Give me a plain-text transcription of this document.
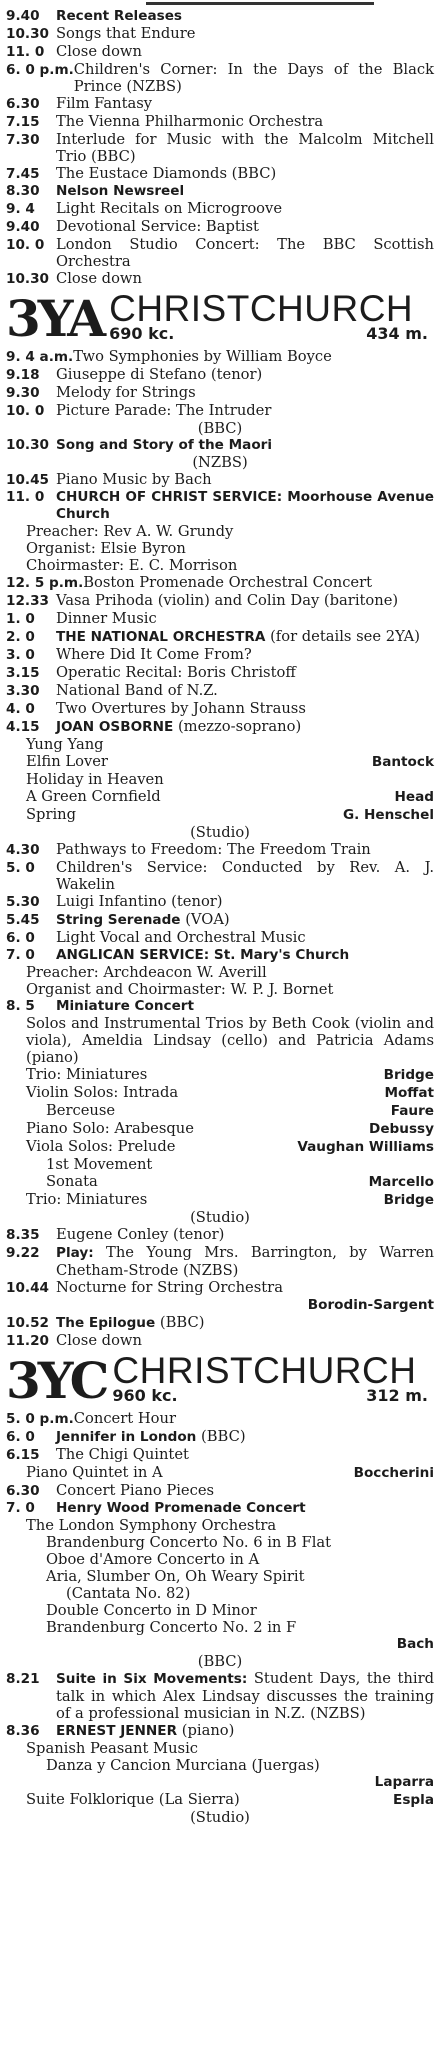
9.40	Recent Releases
10.30 Songs that Endure
11. 0 Close down
6. 0 p.m. Children's Corner: In the Days of the Black Prince (NZBS)
6.30	Film Fantasy
7.15	The Vienna Philharmonic Orchestra
7.30	Interlude for Music with the Malcolm Mitchell Trio (BBC)
7.45	The Eustace Diamonds (BBC)
8.30	Nelson Newsreel
9. 4	Light Recitals on Microgroove
9.40	Devotional Service: Baptist
10. 0 London Studio Concert: The BBC Scottish Orchestra
10.30 Close down
3YA CHRISTCHURCH
690 kc.	434 m.
9. 4 a.m. Two Symphonies by William Boyce
9.18	Giuseppe di Stefano (tenor)
9.30	Melody for Strings
10. 0 Picture Parade: The Intruder
(BBC)
10.30 Song and Story of the Maori
(NZBS)
10.45 Piano Music by Bach
11. 0 CHURCH OF CHRIST SERVICE: Moorhouse Avenue Church
Preacher: Rev A. W. Grundy
Organist: Elsie Byron
Choirmaster: E. C. Morrison
12. 5 p.m. Boston Promenade Orchestral Concert
12.33 Vasa Prihoda (violin) and Colin Day (baritone)
1. 0	Dinner Music
2. 0	THE NATIONAL ORCHESTRA (for details see 2YA)
3. 0	Where Did It Come From?
3.15	Operatic Recital: Boris Christoff
3.30	National Band of N.Z.
4. 0	Two Overtures by Johann Strauss
4.15	JOAN OSBORNE (mezzo-soprano)
Yung Yang
Elfin Lover	Bantock
Holiday in Heaven
A Green Cornfield	Head
Spring	G. Henschel
(Studio)
4.30	Pathways to Freedom: The Freedom Train
5. 0	Children's Service: Conducted by Rev. A. J. Wakelin
5.30	Luigi Infantino (tenor)
5.45	String Serenade (VOA)
6. 0	Light Vocal and Orchestral Music
7. 0	ANGLICAN SERVICE: St. Mary's Church
Preacher: Archdeacon W. Averill
Organist and Choirmaster: W. P. J. Bornet
8. 5	Miniature Concert
Solos and Instrumental Trios by Beth Cook (violin and viola), Ameldia Lindsay (cello) and Patricia Adams (piano)
Trio: Miniatures	Bridge
Violin Solos: Intrada	Moffat
Berceuse	Faure
Piano Solo: Arabesque	Debussy
Viola Solos: Prelude	Vaughan Williams
1st Movement
Sonata	Marcello
Trio: Miniatures	Bridge
(Studio)
8.35	Eugene Conley (tenor)
9.22	Play: The Young Mrs. Barrington, by Warren Chetham-Strode (NZBS)
10.44 Nocturne for String Orchestra
Borodin-Sargent
10.52 The Epilogue (BBC)
11.20 Close down
3YC CHRISTCHURCH
960 kc.	312 m.
5. 0 p.m. Concert Hour
6. 0	Jennifer in London (BBC)
6.15	The Chigi Quintet
Piano Quintet in A	Boccherini
6.30	Concert Piano Pieces
7. 0	Henry Wood Promenade Concert
The London Symphony Orchestra
Brandenburg Concerto No. 6 in B Flat
Oboe d'Amore Concerto in A
Aria, Slumber On, Oh Weary Spirit
(Cantata No. 82)
Double Concerto in D Minor
Brandenburg Concerto No. 2 in F
Bach
(BBC)
8.21	Suite in Six Movements: Student Days, the third talk in which Alex Lindsay discusses the training of a professional musician in N.Z. (NZBS)
8.36	ERNEST JENNER (piano)
Spanish Peasant Music
Danza y Cancion Murciana (Juergas)
Laparra
Suite Folklorique (La Sierra)	Espla
(Studio)
